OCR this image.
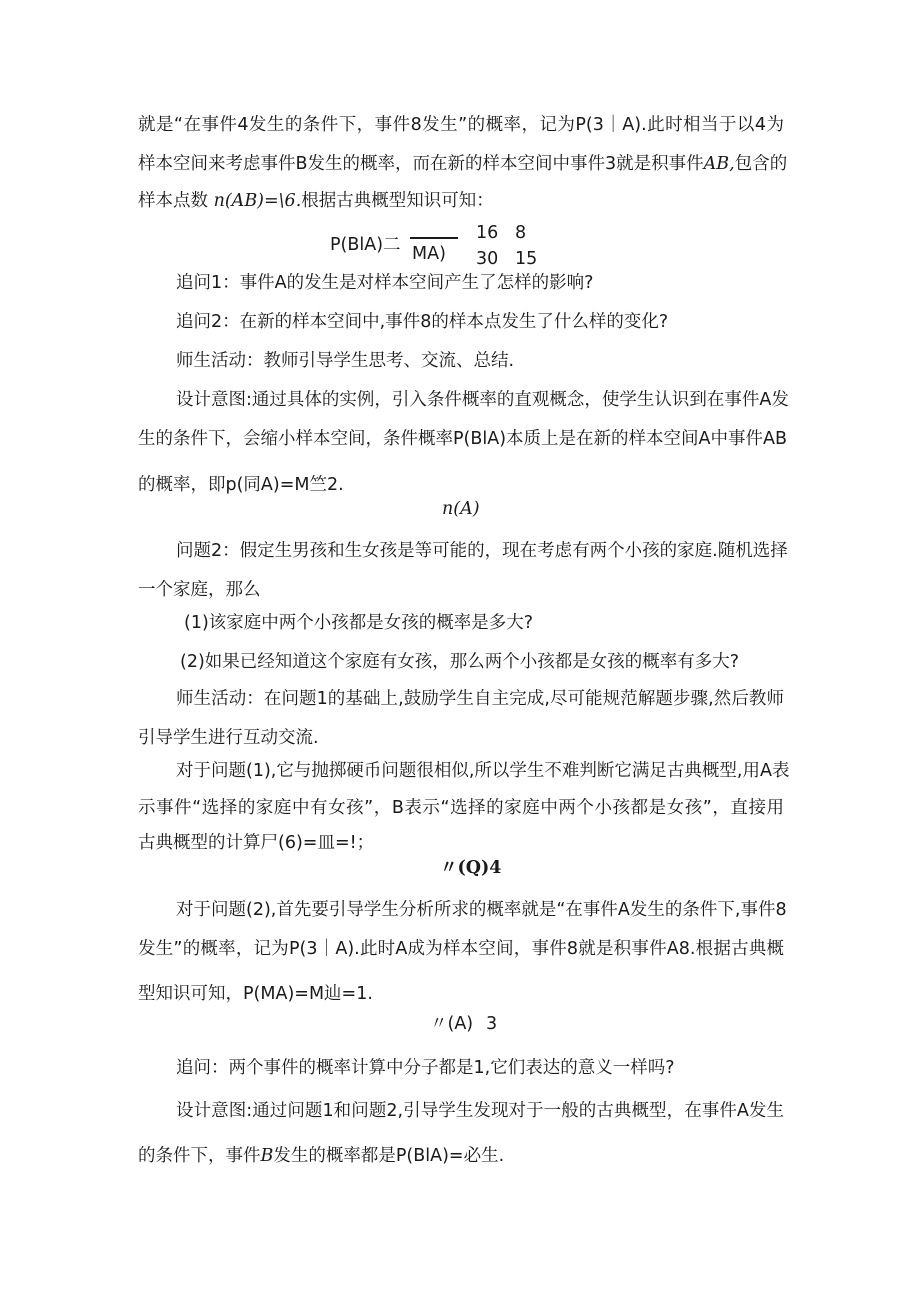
就是“在事件4发生的条件下，事件8发生”的概率，记为P(3｜A).此时相当于以4为
样本空间来考虑事件B发生的概率，而在新的样本空间中事件3就是积事件AB,包含的
样本点数 n(AB)=\6.根据古典概型知识可知：
P(BlA)二 MA)
16 8
30 15
追问1：事件A的发生是对样本空间产生了怎样的影响?
追问2：在新的样本空间中,事件8的样本点发生了什么样的变化?
师生活动：教师引导学生思考、交流、总结.
设计意图:通过具体的实例，引入条件概率的直观概念，使学生认识到在事件A发
生的条件下，会缩小样本空间，条件概率P(BlA)本质上是在新的样本空间A中事件AB
的概率，即p(同A)=M竺2.
n(A)
问题2：假定生男孩和生女孩是等可能的，现在考虑有两个小孩的家庭.随机选择
一个家庭，那么
(1)该家庭中两个小孩都是女孩的概率是多大?
(2)如果已经知道这个家庭有女孩，那么两个小孩都是女孩的概率有多大?
师生活动：在问题1的基础上,鼓励学生自主完成,尽可能规范解题步骤,然后教师
引导学生进行互动交流.
对于问题(1),它与抛掷硬币问题很相似,所以学生不难判断它满足古典概型,用A表
示事件“选择的家庭中有女孩”，B表示“选择的家庭中两个小孩都是女孩”，直接用
古典概型的计算尸(6)=皿=!；
〃(Q)4
对于问题(2),首先要引导学生分析所求的概率就是“在事件A发生的条件下,事件8
发生”的概率，记为P(3｜A).此时A成为样本空间，事件8就是积事件A8.根据古典概
型知识可知，P(MA)=M辿=1.
〃(A) 3
追问：两个事件的概率计算中分子都是1,它们表达的意义一样吗?
设计意图:通过问题1和问题2,引导学生发现对于一般的古典概型，在事件A发生
的条件下，事件B发生的概率都是P(BlA)=必生.
